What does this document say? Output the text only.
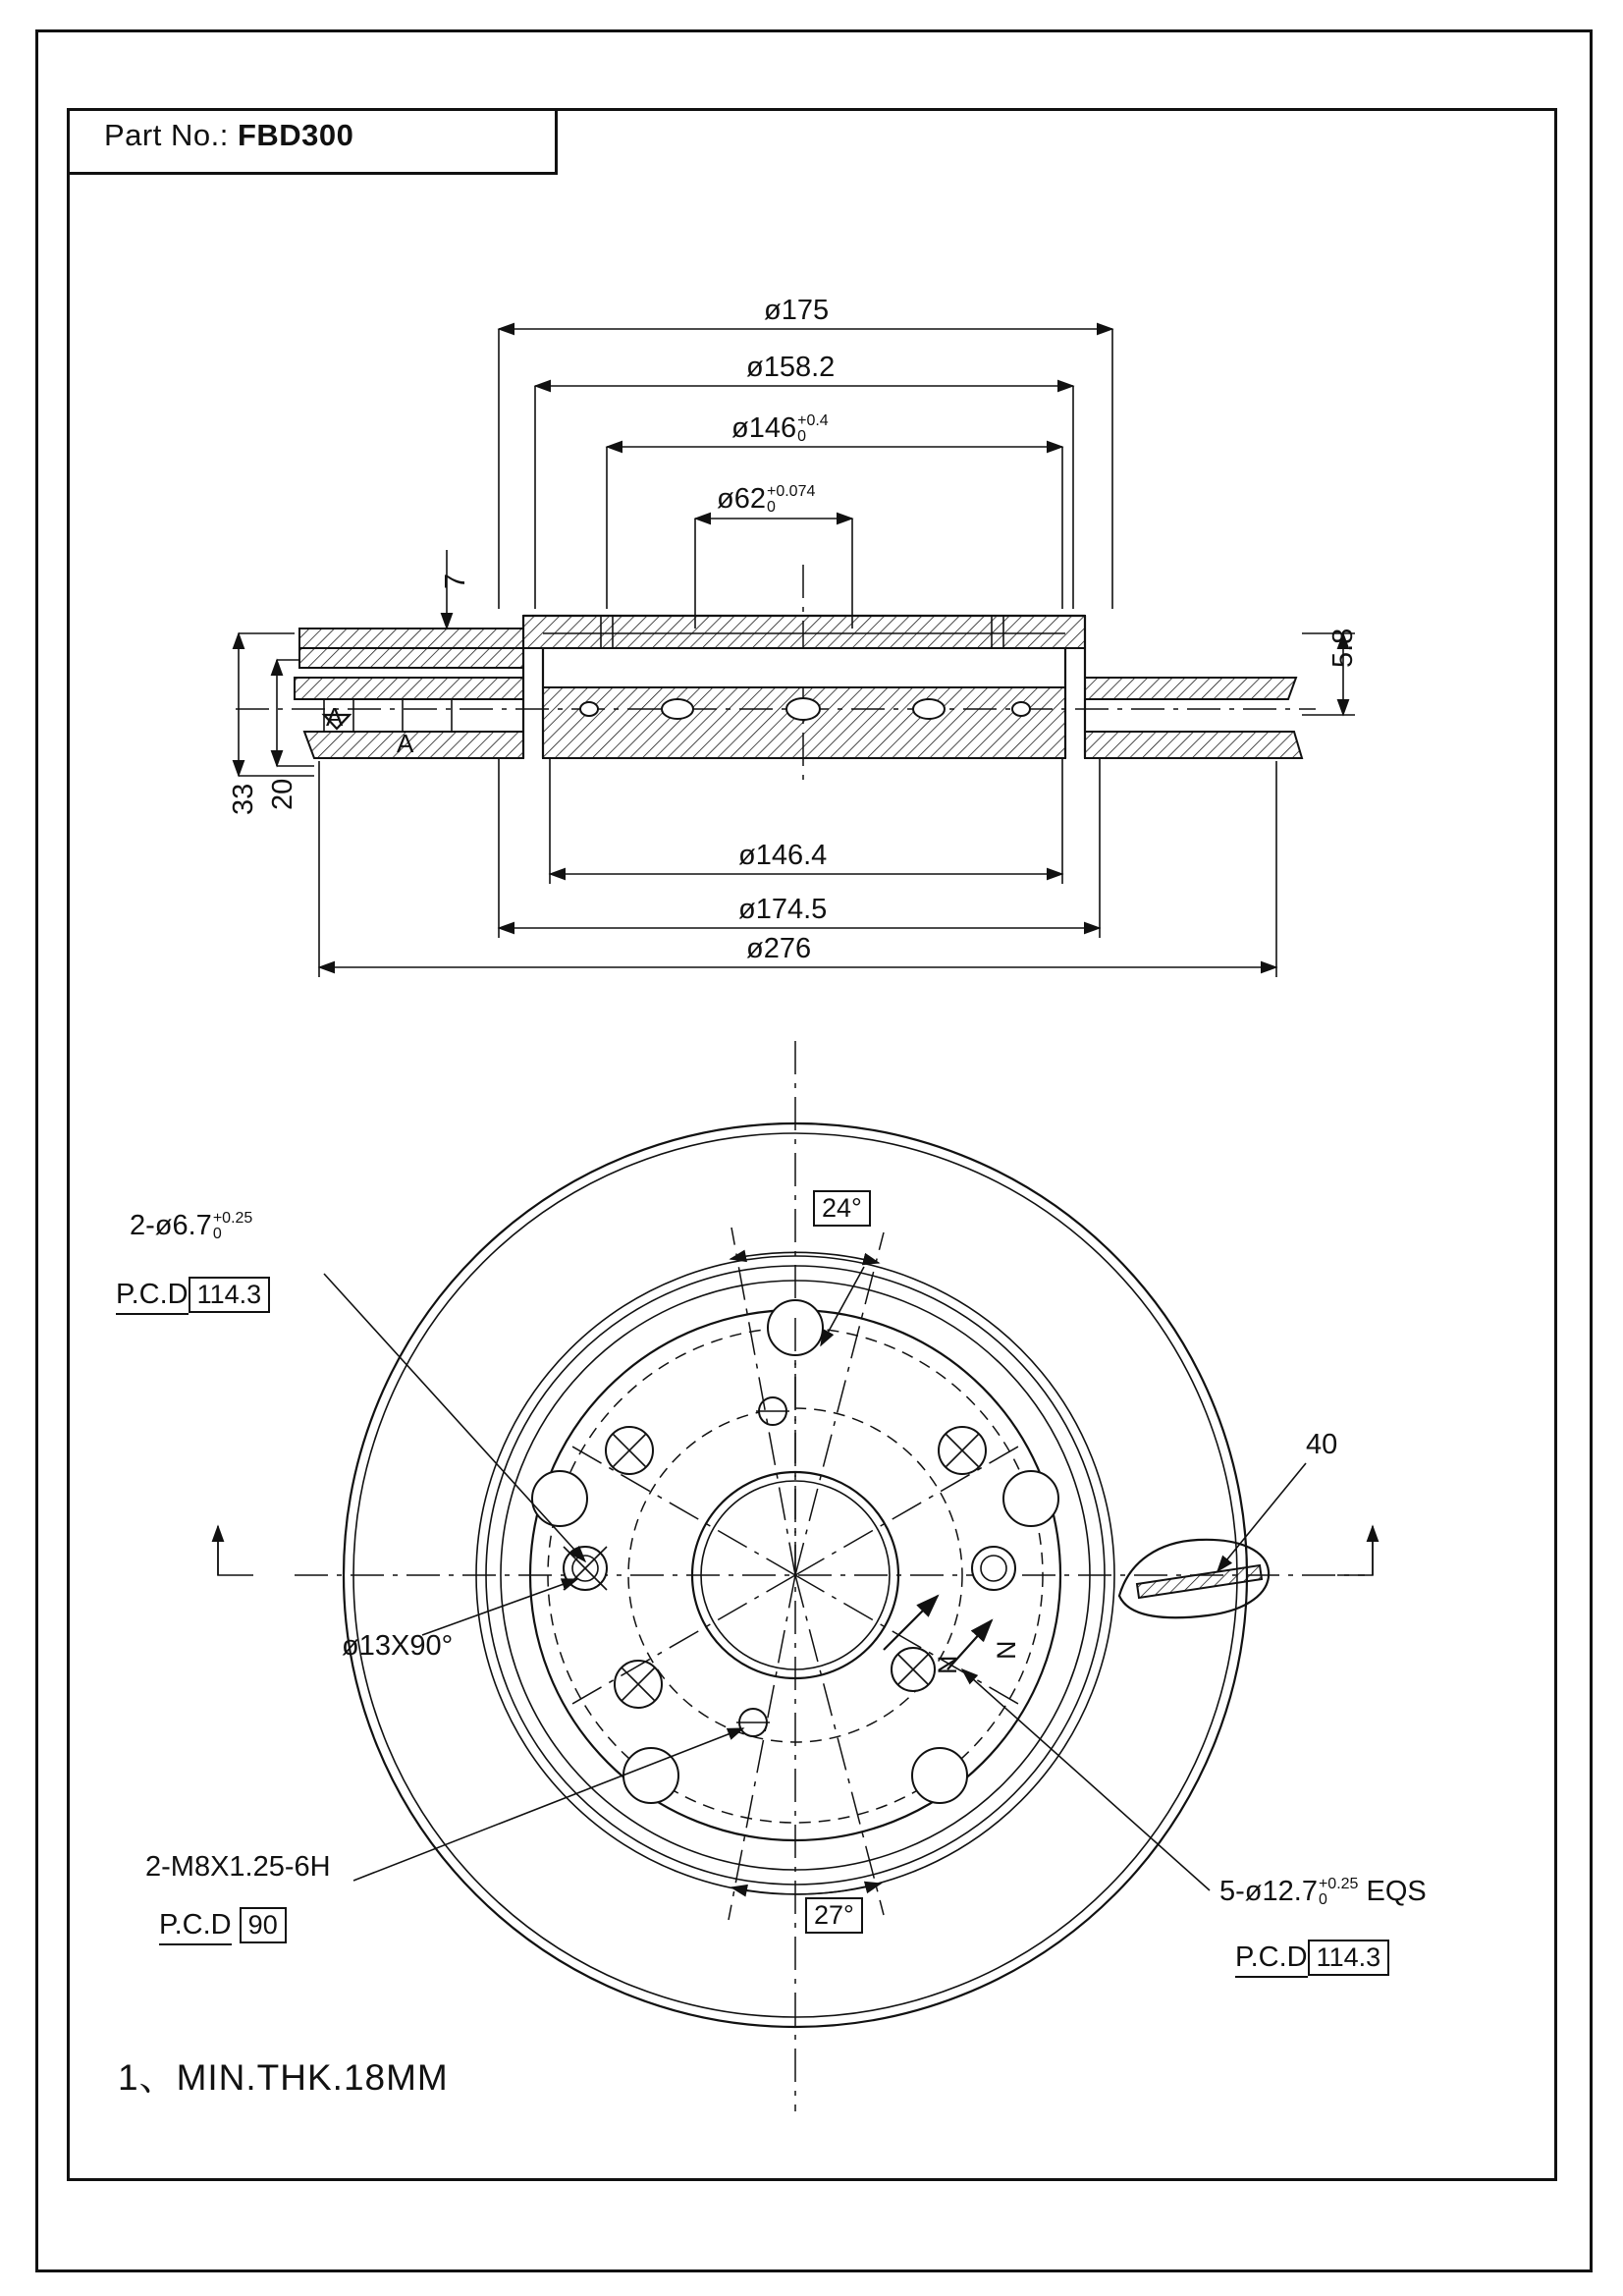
Part No.: FBD300
ø175
ø158.2
ø146 +0.4
0
ø62 +0.074
0
7
5.8
33 20
ø146.4
ø174.5
ø276
A
A
2-ø6.7 +0.25
0
P.C.D 114.3
ø13X90°
2-M8X1.25-6H
P.C.D 90
5-ø12.7 +0.25
0	EQS
P.C.D 114.3
40
24°
27°
N
N
1、MIN.THK.18MM
